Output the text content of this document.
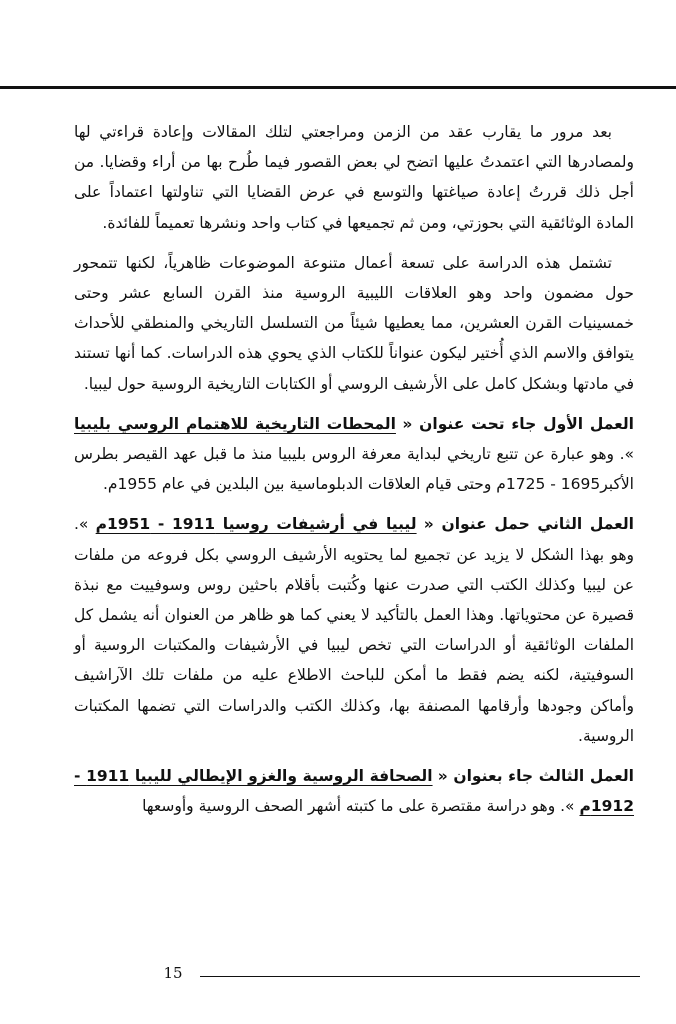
بعد مرور ما يقارب عقد من الزمن ومراجعتي لتلك المقالات وإعادة قراءتي لها ولمصادرها التي اعتمدتُ عليها اتضح لي بعض القصور فيما طُرح بها من أراء وقضايا. من أجل ذلك قررتُ إعادة صياغتها والتوسع في عرض القضايا التي تناولتها اعتماداً على المادة الوثائقية التي بحوزتي، ومن ثم تجميعها في كتاب واحد ونشرها تعميماً للفائدة.

تشتمل هذه الدراسة على تسعة أعمال متنوعة الموضوعات ظاهرياً، لكنها تتمحور حول مضمون واحد وهو العلاقات الليبية الروسية منذ القرن السابع عشر وحتى خمسينيات القرن العشرين، مما يعطيها شيئاً من التسلسل التاريخي والمنطقي للأحداث يتوافق والاسم الذي أُختير ليكون عنواناً للكتاب الذي يحوي هذه الدراسات. كما أنها تستند في مادتها وبشكل كامل على الأرشيف الروسي أو الكتابات التاريخية الروسية حول ليبيا.

العمل الأول جاء تحت عنوان « المحطات التاريخية للاهتمام الروسي بليبيا ». وهو عبارة عن تتبع تاريخي لبداية معرفة الروس بليبيا منذ ما قبل عهد القيصر بطرس الأكبر1695 - 1725م وحتى قيام العلاقات الدبلوماسية بين البلدين في عام 1955م.

العمل الثاني حمل عنوان « ليبيا في أرشيفات روسيا 1911 - 1951م ». وهو بهذا الشكل لا يزيد عن تجميع لما يحتويه الأرشيف الروسي بكل فروعه من ملفات عن ليبيا وكذلك الكتب التي صدرت عنها وكُتبت بأقلام باحثين روس وسوفييت مع نبذة قصيرة عن محتوياتها. وهذا العمل بالتأكيد لا يعني كما هو ظاهر من العنوان أنه يشمل كل الملفات الوثائقية أو الدراسات التي تخص ليبيا في الأرشيفات والمكتبات الروسية أو السوفيتية، لكنه يضم فقط ما أمكن للباحث الاطلاع عليه من ملفات تلك الآراشيف وأماكن وجودها وأرقامها المصنفة بها، وكذلك الكتب والدراسات التي تضمها المكتبات الروسية.

العمل الثالث جاء بعنوان « الصحافة الروسية والغزو الإيطالي لليبيا 1911 - 1912م ». وهو دراسة مقتصرة على ما كتبته أشهر الصحف الروسية وأوسعها

15
